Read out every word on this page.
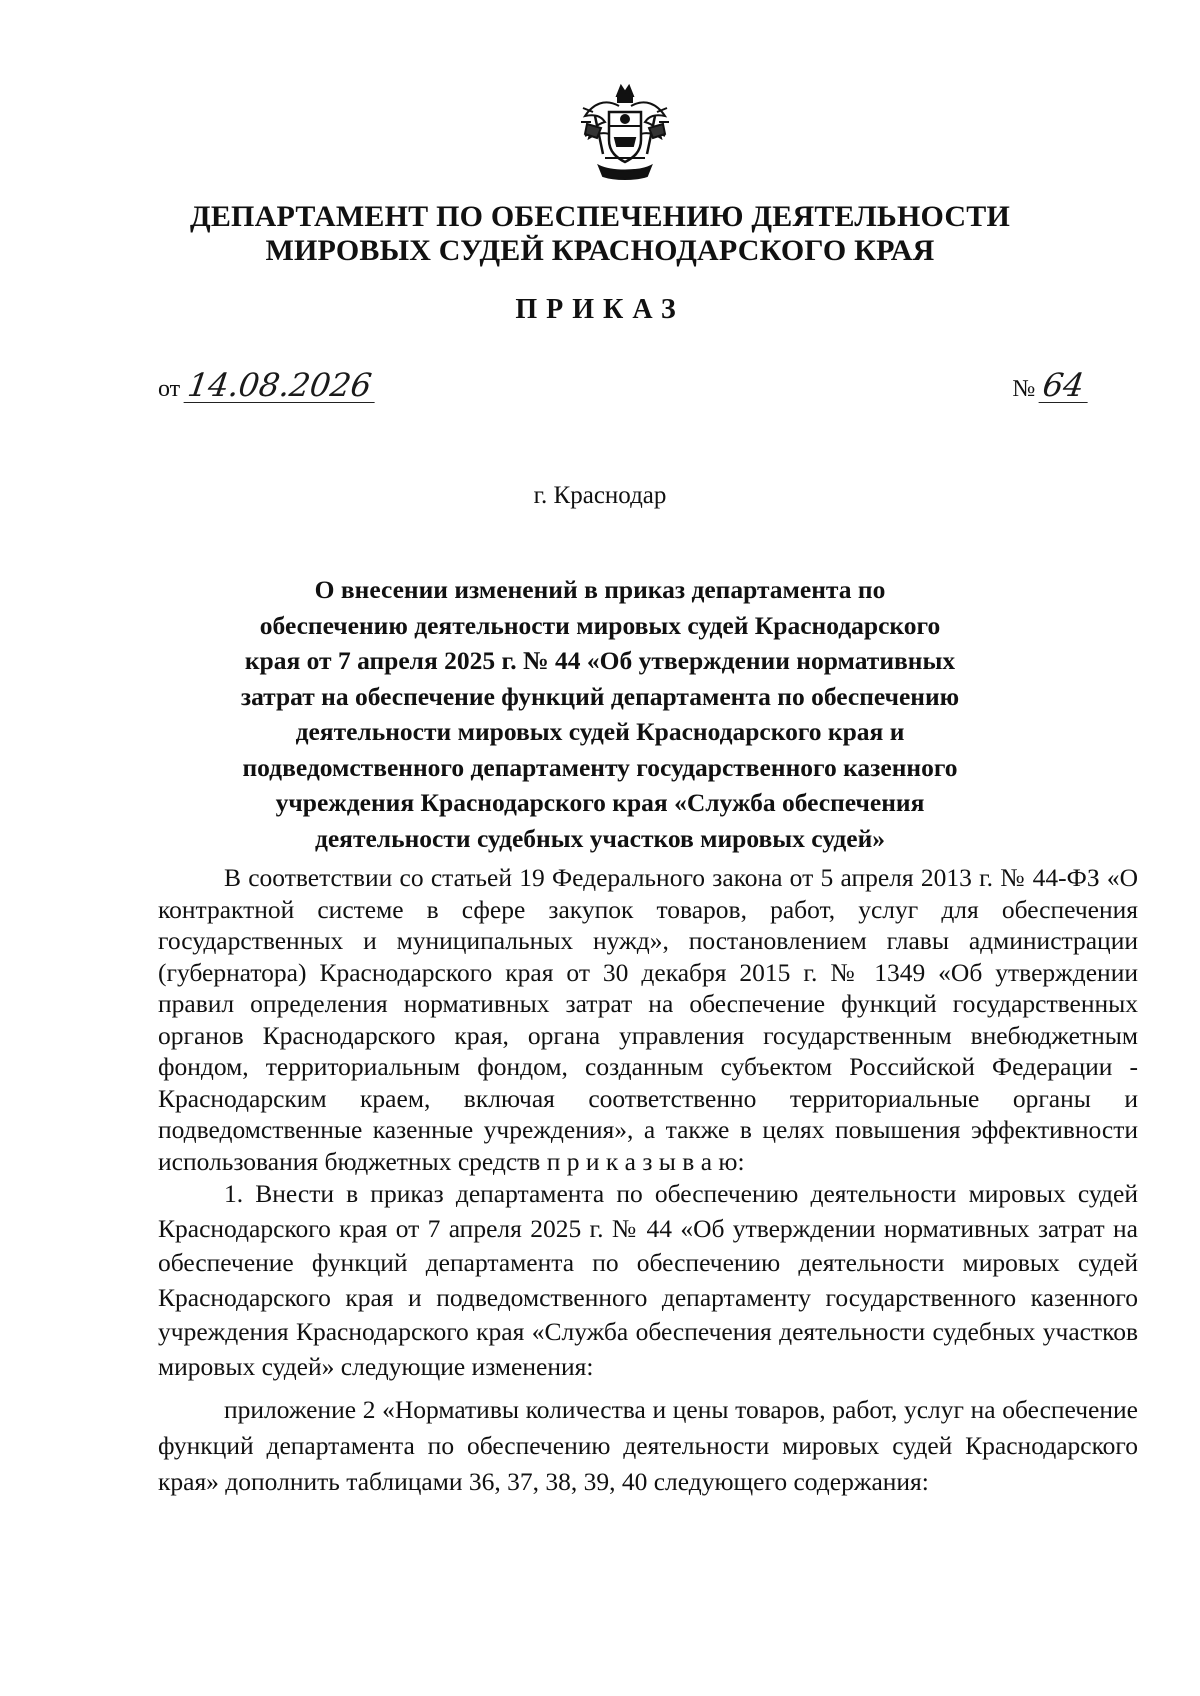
ДЕПАРТАМЕНТ ПО ОБЕСПЕЧЕНИЮ ДЕЯТЕЛЬНОСТИ
МИРОВЫХ СУДЕЙ КРАСНОДАРСКОГО КРАЯ
ПРИКАЗ
от 14.08.2026	№ 64
г. Краснодар
О внесении изменений в приказ департамента по
обеспечению деятельности мировых судей Краснодарского
края от 7 апреля 2025 г. № 44 «Об утверждении нормативных
затрат на обеспечение функций департамента по обеспечению
деятельности мировых судей Краснодарского края и
подведомственного департаменту государственного казенного
учреждения Краснодарского края «Служба обеспечения
деятельности судебных участков мировых судей»

В соответствии со статьей 19 Федерального закона от 5 апреля 2013 г. № 44-ФЗ «О контрактной системе в сфере закупок товаров, работ, услуг для обеспечения государственных и муниципальных нужд», постановлением главы администрации (губернатора) Краснодарского края от 30 декабря 2015 г. № 1349 «Об утверждении правил определения нормативных затрат на обеспечение функций государственных органов Краснодарского края, органа управления государственным внебюджетным фондом, территориальным фондом, созданным субъектом Российской Федерации - Краснодарским краем, включая соответственно территориальные органы и подведомственные казенные учреждения», а также в целях повышения эффективности использования бюджетных средств п р и к а з ы в а ю:

1. Внести в приказ департамента по обеспечению деятельности мировых судей Краснодарского края от 7 апреля 2025 г. № 44 «Об утверждении нормативных затрат на обеспечение функций департамента по обеспечению деятельности мировых судей Краснодарского края и подведомственного департаменту государственного казенного учреждения Краснодарского края «Служба обеспечения деятельности судебных участков мировых судей» следующие изменения:

приложение 2 «Нормативы количества и цены товаров, работ, услуг на обеспечение функций департамента по обеспечению деятельности мировых судей Краснодарского края» дополнить таблицами 36, 37, 38, 39, 40 следующего содержания:
